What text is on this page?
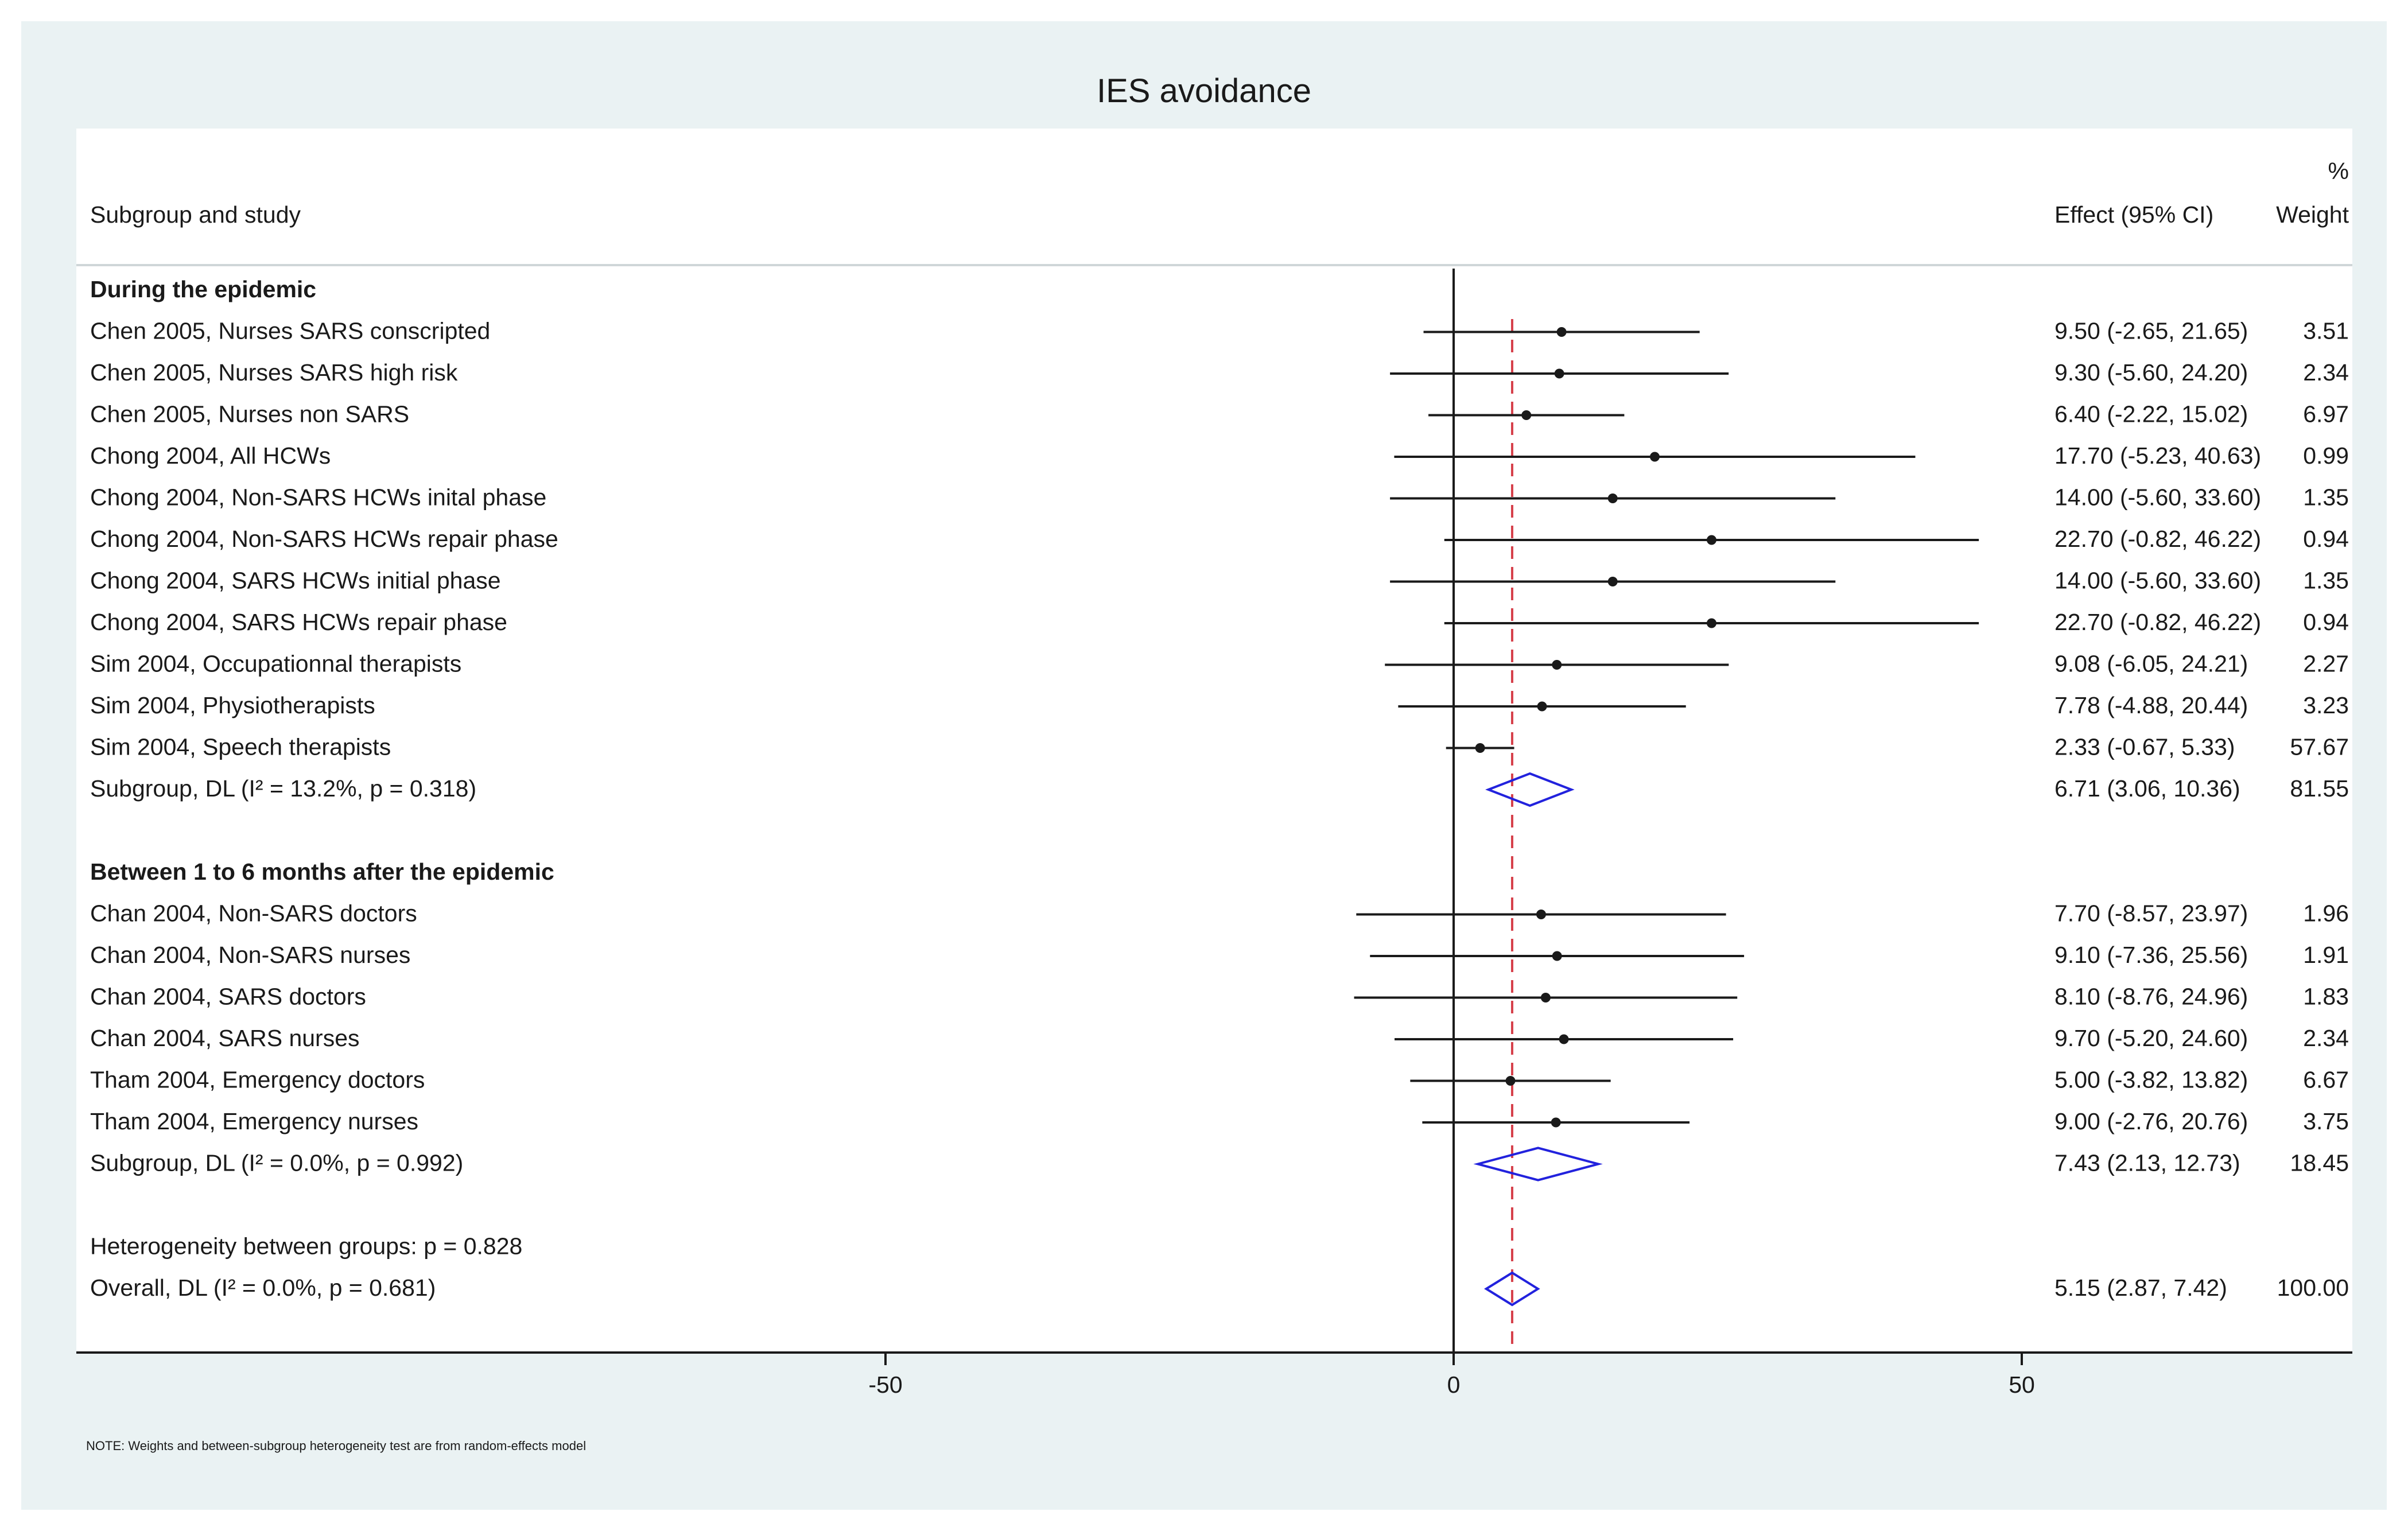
IES avoidance
Subgroup and study	Effect (95% CI)
%
Weight
During the epidemic
Chen 2005, Nurses SARS conscripted	9.50 (-2.65, 21.65) 3.51
Chen 2005, Nurses SARS high risk	9.30 (-5.60, 24.20) 2.34
Chen 2005, Nurses non SARS	6.40 (-2.22, 15.02) 6.97
Chong 2004, All HCWs	17.70 (-5.23, 40.63) 0.99
Chong 2004, Non-SARS HCWs inital phase	14.00 (-5.60, 33.60) 1.35
Chong 2004, Non-SARS HCWs repair phase	22.70 (-0.82, 46.22) 0.94
Chong 2004, SARS HCWs initial phase	14.00 (-5.60, 33.60) 1.35
Chong 2004, SARS HCWs repair phase	22.70 (-0.82, 46.22) 0.94
Sim 2004, Occupationnal therapists	9.08 (-6.05, 24.21) 2.27
Sim 2004, Physiotherapists	7.78 (-4.88, 20.44) 3.23
Sim 2004, Speech therapists	2.33 (-0.67, 5.33) 57.67
Subgroup, DL (I² = 13.2%, p = 0.318)	6.71 (3.06, 10.36) 81.55
Between 1 to 6 months after the epidemic
Chan 2004, Non-SARS doctors	7.70 (-8.57, 23.97) 1.96
Chan 2004, Non-SARS nurses	9.10 (-7.36, 25.56) 1.91
Chan 2004, SARS doctors	8.10 (-8.76, 24.96) 1.83
Chan 2004, SARS nurses	9.70 (-5.20, 24.60) 2.34
Tham 2004, Emergency doctors	5.00 (-3.82, 13.82) 6.67
Tham 2004, Emergency nurses	9.00 (-2.76, 20.76) 3.75
Subgroup, DL (I² = 0.0%, p = 0.992)	7.43 (2.13, 12.73) 18.45
Heterogeneity between groups: p = 0.828
Overall, DL (I² = 0.0%, p = 0.681)	5.15 (2.87, 7.42) 100.00
-50	0	50
NOTE: Weights and between-subgroup heterogeneity test are from random-effects model
